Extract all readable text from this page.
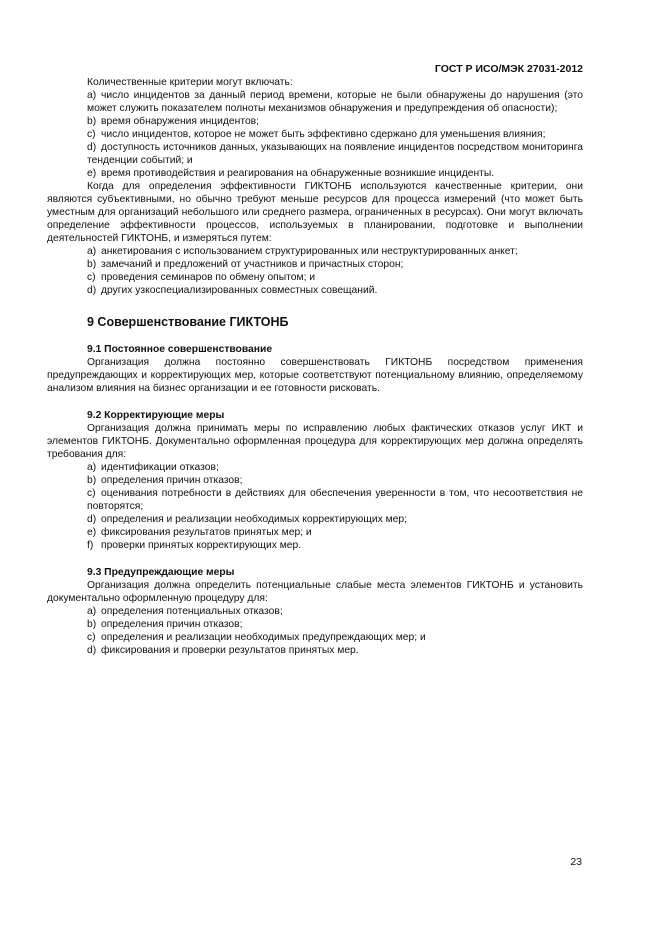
ГОСТ Р ИСО/МЭК 27031-2012

Количественные критерии могут включать:

a) число инцидентов за данный период времени, которые не были обнаружены до нарушения (это может служить показателем полноты механизмов обнаружения и предупреждения об опасности);

b) время обнаружения инцидентов;

c) число инцидентов, которое не может быть эффективно сдержано для уменьшения влияния;

d) доступность источников данных, указывающих на появление инцидентов посредством мониторинга тенденции событий; и

e) время противодействия и реагирования на обнаруженные возникшие инциденты.

Когда для определения эффективности ГИКТОНБ используются качественные критерии, они являются субъективными, но обычно требуют меньше ресурсов для процесса измерений (что может быть уместным для организаций небольшого или среднего размера, ограниченных в ресурсах). Они могут включать определение эффективности процессов, используемых в планировании, подготовке и выполнении деятельностей ГИКТОНБ, и измеряться путем:

a) анкетирования с использованием структурированных или неструктурированных анкет;

b) замечаний и предложений от участников и причастных сторон;

c) проведения семинаров по обмену опытом; и

d) других узкоспециализированных совместных совещаний.

9 Совершенствование ГИКТОНБ
9.1 Постоянное совершенствование

Организация должна постоянно совершенствовать ГИКТОНБ посредством применения предупреждающих и корректирующих мер, которые соответствуют потенциальному влиянию, определяемому анализом влияния на бизнес организации и ее готовности рисковать.

9.2 Корректирующие меры

Организация должна принимать меры по исправлению любых фактических отказов услуг ИКТ и элементов ГИКТОНБ. Документально оформленная процедура для корректирующих мер должна определять требования для:

a) идентификации отказов;

b) определения причин отказов;

c) оценивания потребности в действиях для обеспечения уверенности в том, что несоответствия не повторятся;

d) определения и реализации необходимых корректирующих мер;

e) фиксирования результатов принятых мер; и

f) проверки принятых корректирующих мер.

9.3 Предупреждающие меры

Организация должна определить потенциальные слабые места элементов ГИКТОНБ и установить документально оформленную процедуру для:

a) определения потенциальных отказов;

b) определения причин отказов;

c) определения и реализации необходимых предупреждающих мер; и

d) фиксирования и проверки результатов принятых мер.

23
